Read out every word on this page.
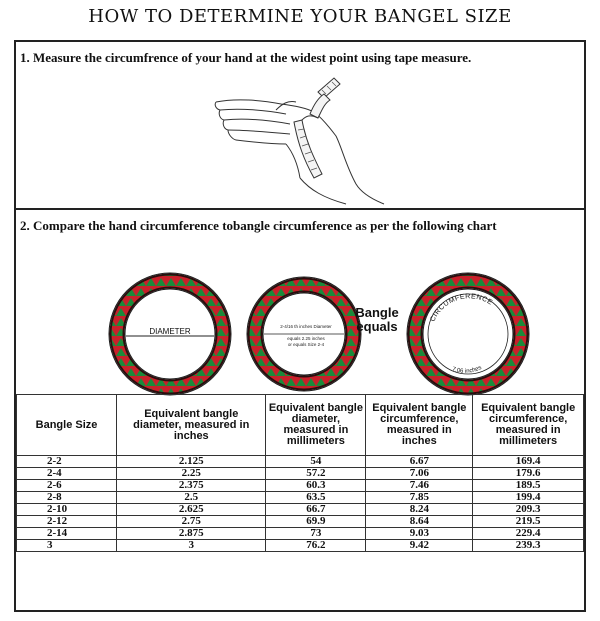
HOW TO DETERMINE YOUR BANGEL SIZE
1. Measure the circumfrence of your hand at the widest point using tape measure.
2. Compare the hand circumference tobangle circumference as per the following chart
DIAMETER
2-4/16 th inches Diameter
equals 2.25 inches
or equals Size 2-4
CIRCUMFERENCE
7.06 inches
Bangle
equals
Bangle Size	Equivalent bangle diameter, measured in inches	Equivalent bangle diameter, measured in millimeters	Equivalent bangle circumference, measured in inches	Equivalent bangle circumference, measured in millimeters
2-2	2.125	54	6.67	169.4
2-4	2.25	57.2	7.06	179.6
2-6	2.375	60.3	7.46	189.5
2-8	2.5	63.5	7.85	199.4
2-10	2.625	66.7	8.24	209.3
2-12	2.75	69.9	8.64	219.5
2-14	2.875	73	9.03	229.4
3	3	76.2	9.42	239.3
